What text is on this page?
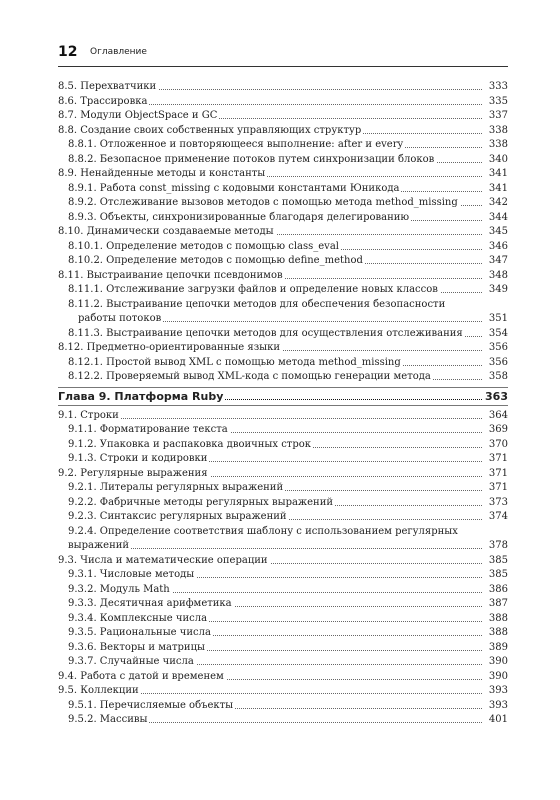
12 Оглавление
8.5. Перехватчики	333
8.6. Трассировка	335
8.7. Модули ObjectSpace и GC	337
8.8. Создание своих собственных управляющих структур	338
8.8.1. Отложенное и повторяющееся выполнение: after и every	338
8.8.2. Безопасное применение потоков путем синхронизации блоков	340
8.9. Ненайденные методы и константы	341
8.9.1. Работа const_missing с кодовыми константами Юникода	341
8.9.2. Отслеживание вызовов методов с помощью метода method_missing	342
8.9.3. Объекты, синхронизированные благодаря делегированию	344
8.10. Динамически создаваемые методы	345
8.10.1. Определение методов с помощью class_eval	346
8.10.2. Определение методов с помощью define_method	347
8.11. Выстраивание цепочки псевдонимов	348
8.11.1. Отслеживание загрузки файлов и определение новых классов	349
8.11.2. Выстраивание цепочки методов для обеспечения безопасности
работы потоков	351
8.11.3. Выстраивание цепочки методов для осуществления отслеживания	354
8.12. Предметно-ориентированные языки	356
8.12.1. Простой вывод XML с помощью метода method_missing	356
8.12.2. Проверяемый вывод XML-кода с помощью генерации метода	358
Глава 9. Платформа Ruby	363
9.1. Строки	364
9.1.1. Форматирование текста	369
9.1.2. Упаковка и распаковка двоичных строк	370
9.1.3. Строки и кодировки	371
9.2. Регулярные выражения	371
9.2.1. Литералы регулярных выражений	371
9.2.2. Фабричные методы регулярных выражений	373
9.2.3. Синтаксис регулярных выражений	374
9.2.4. Определение соответствия шаблону с использованием регулярных
выражений	378
9.3. Числа и математические операции	385
9.3.1. Числовые методы	385
9.3.2. Модуль Math	386
9.3.3. Десятичная арифметика	387
9.3.4. Комплексные числа	388
9.3.5. Рациональные числа	388
9.3.6. Векторы и матрицы	389
9.3.7. Случайные числа	390
9.4. Работа с датой и временем	390
9.5. Коллекции	393
9.5.1. Перечисляемые объекты	393
9.5.2. Массивы	401
